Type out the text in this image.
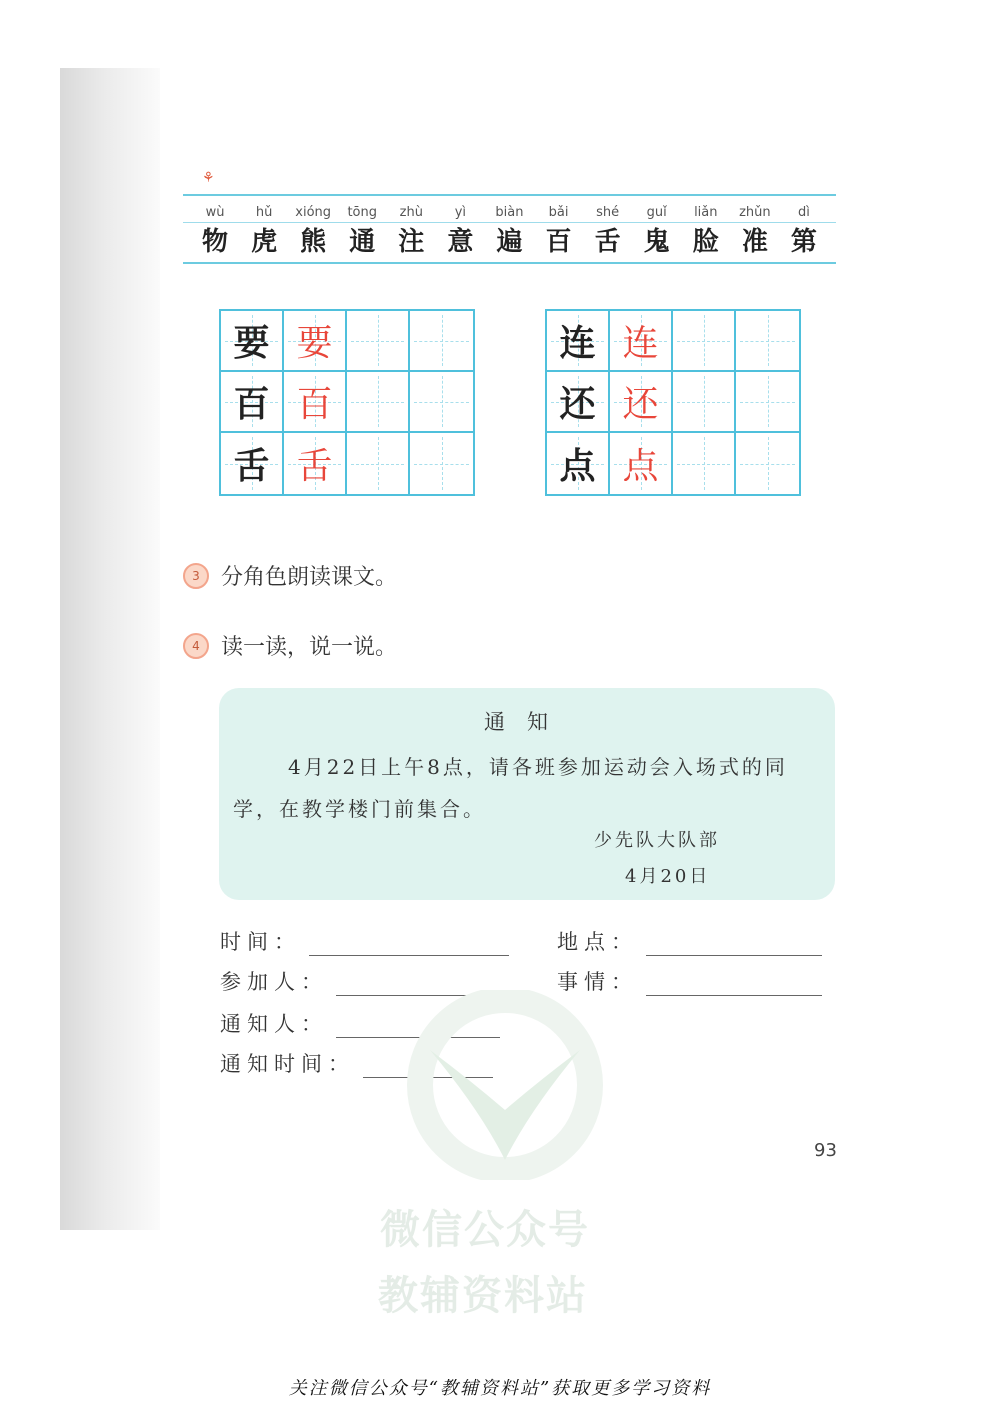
⚘
wù
物
hǔ
虎
xióng
熊
tōng
通
zhù
注
yì
意
biàn
遍
bǎi
百
shé
舌
guǐ
鬼
liǎn
脸
zhǔn
准
dì
第
要 要
百 百
舌 舌
连 连
还 还
点 点
3 分角色朗读课文。
4 读一读，说一说。
通知
4月22日上午8点，请各班参加运动会入场式的同学，在教学楼门前集合。
少先队大队部
4月20日
时间：	地点：
参加人：	事情：
通知人：
通知时间：
微信公众号
教辅资料站
93
关注微信公众号“教辅资料站”获取更多学习资料
